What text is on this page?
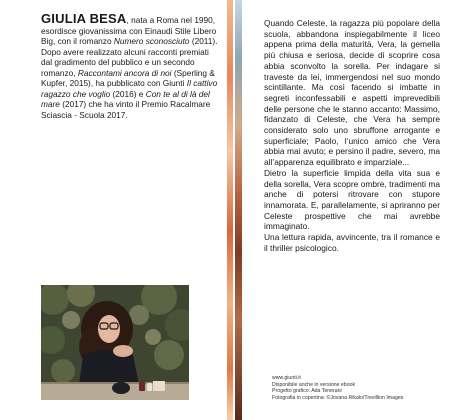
GIULIA BESA, nata a Roma nel 1990, esordisce giovanissima con Einaudi Stile Libero Big, con il romanzo Numero sconosciuto (2011). Dopo avere realizzato alcuni racconti premiati dal gradimento del pubblico e un secondo romanzo, Raccontami ancora di noi (Sperling & Kupfer, 2015), ha pubblicato con Giunti Il cattivo ragazzo che voglio (2016) e Con te al di là del mare (2017) che ha vinto il Premio Racalmare Sciascia - Scuola 2017.

Quando Celeste, la ragazza più popolare della scuola, abbandona inspiegabilmente il liceo appena prima della maturità, Vera, la gemella più chiusa e seriosa, decide di scoprire cosa abbia sconvolto la sorella. Per indagare si traveste da lei, immergendosi nel suo mondo scintillante. Ma così facendo si imbatte in segreti inconfessabili e aspetti imprevedibili delle persone che le stanno accanto: Massimo, fidanzato di Celeste, che Vera ha sempre considerato solo uno sbruffone arrogante e superficiale; Paolo, l’unico amico che Vera abbia mai avuto; e persino il padre, severo, ma all’apparenza equilibrato e imparziale...

Dietro la superficie limpida della vita sua e della sorella, Vera scopre ombre, tradimenti ma anche di potersi ritrovare con stupore innamorata. E, parallelamente, si apriranno per Celeste prospettive che mai avrebbe immaginato.

Una lettura rapida, avvincente, tra il romance e il thriller psicologico.

www.giunti.it
Disponibile anche in versione ebook
Progetto grafico: Ada Tenerani
Fotografia in copertina: ©Jovana Rikalo/Trevillion Images
